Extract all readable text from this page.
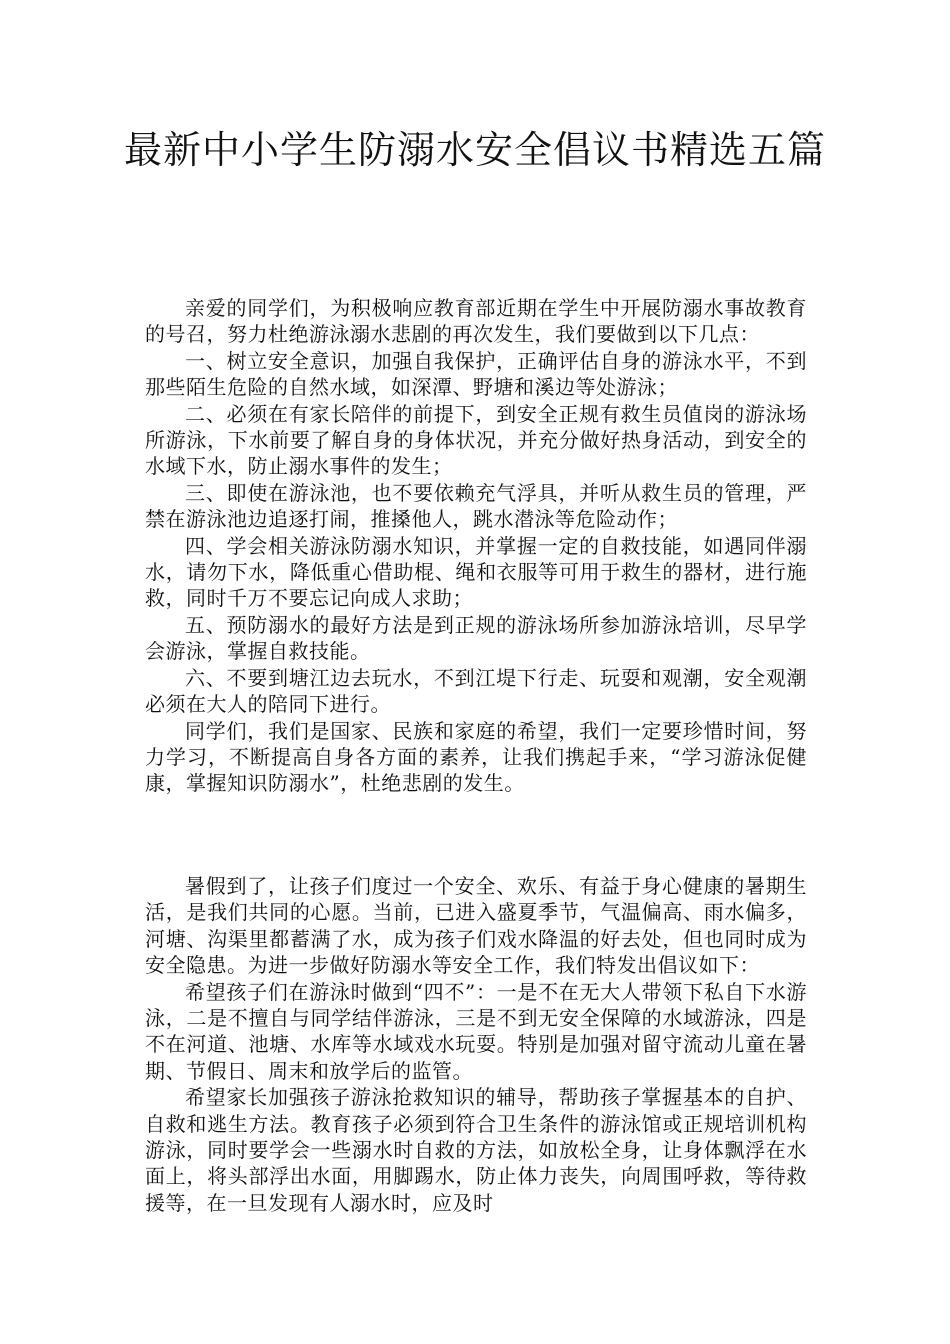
最新中小学生防溺水安全倡议书精选五篇

亲爱的同学们，为积极响应教育部近期在学生中开展防溺水事故教育的号召，努力杜绝游泳溺水悲剧的再次发生，我们要做到以下几点：

一、树立安全意识，加强自我保护，正确评估自身的游泳水平，不到那些陌生危险的自然水域，如深潭、野塘和溪边等处游泳；

二、必须在有家长陪伴的前提下，到安全正规有救生员值岗的游泳场所游泳，下水前要了解自身的身体状况，并充分做好热身活动，到安全的水域下水，防止溺水事件的发生；

三、即使在游泳池，也不要依赖充气浮具，并听从救生员的管理，严禁在游泳池边追逐打闹，推搡他人，跳水潜泳等危险动作；

四、学会相关游泳防溺水知识，并掌握一定的自救技能，如遇同伴溺水，请勿下水，降低重心借助棍、绳和衣服等可用于救生的器材，进行施救，同时千万不要忘记向成人求助；

五、预防溺水的最好方法是到正规的游泳场所参加游泳培训，尽早学会游泳，掌握自救技能。

六、不要到塘江边去玩水，不到江堤下行走、玩耍和观潮，安全观潮必须在大人的陪同下进行。

同学们，我们是国家、民族和家庭的希望，我们一定要珍惜时间，努力学习，不断提高自身各方面的素养，让我们携起手来，“学习游泳促健康，掌握知识防溺水”，杜绝悲剧的发生。

暑假到了，让孩子们度过一个安全、欢乐、有益于身心健康的暑期生活，是我们共同的心愿。当前，已进入盛夏季节，气温偏高、雨水偏多，河塘、沟渠里都蓄满了水，成为孩子们戏水降温的好去处，但也同时成为安全隐患。为进一步做好防溺水等安全工作，我们特发出倡议如下：

希望孩子们在游泳时做到“四不”：一是不在无大人带领下私自下水游泳，二是不擅自与同学结伴游泳，三是不到无安全保障的水域游泳，四是不在河道、池塘、水库等水域戏水玩耍。特别是加强对留守流动儿童在暑期、节假日、周末和放学后的监管。

希望家长加强孩子游泳抢救知识的辅导，帮助孩子掌握基本的自护、自救和逃生方法。教育孩子必须到符合卫生条件的游泳馆或正规培训机构游泳，同时要学会一些溺水时自救的方法，如放松全身，让身体飘浮在水面上，将头部浮出水面，用脚踢水，防止体力丧失，向周围呼救，等待救援等，在一旦发现有人溺水时，应及时
